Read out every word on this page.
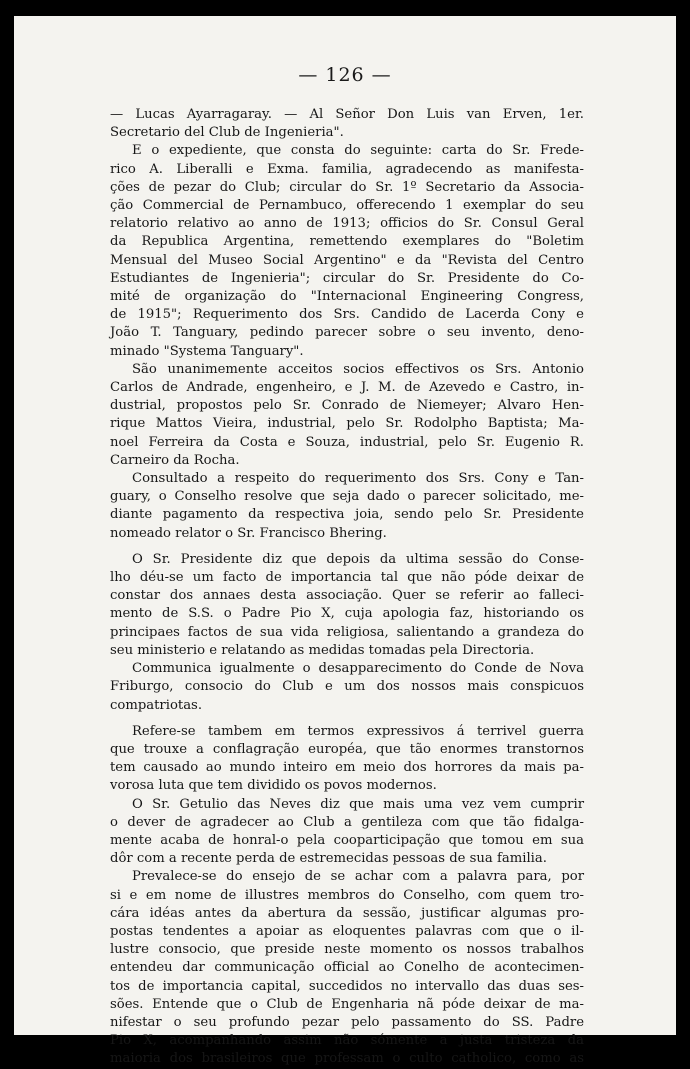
— 126 —

— Lucas Ayarragaray. — Al Señor Don Luis van Erven, 1er.
Secretario del Club de Ingenieria".

E o expediente, que consta do seguinte: carta do Sr. Frede-
rico A. Liberalli e Exma. familia, agradecendo as manifesta-
ções de pezar do Club; circular do Sr. 1º Secretario da Associa-
ção Commercial de Pernambuco, offerecendo 1 exemplar do seu
relatorio relativo ao anno de 1913; officios do Sr. Consul Geral
da Republica Argentina, remettendo exemplares do "Boletim
Mensual del Museo Social Argentino" e da "Revista del Centro
Estudiantes de Ingenieria"; circular do Sr. Presidente do Co-
mité de organização do "Internacional Engineering Congress,
de 1915"; Requerimento dos Srs. Candido de Lacerda Cony e
João T. Tanguary, pedindo parecer sobre o seu invento, deno-
minado "Systema Tanguary".

São unanimemente acceitos socios effectivos os Srs. Antonio
Carlos de Andrade, engenheiro, e J. M. de Azevedo e Castro, in-
dustrial, propostos pelo Sr. Conrado de Niemeyer; Alvaro Hen-
rique Mattos Vieira, industrial, pelo Sr. Rodolpho Baptista; Ma-
noel Ferreira da Costa e Souza, industrial, pelo Sr. Eugenio R.
Carneiro da Rocha.

Consultado a respeito do requerimento dos Srs. Cony e Tan-
guary, o Conselho resolve que seja dado o parecer solicitado, me-
diante pagamento da respectiva joia, sendo pelo Sr. Presidente
nomeado relator o Sr. Francisco Bhering.

O Sr. Presidente diz que depois da ultima sessão do Conse-
lho déu-se um facto de importancia tal que não póde deixar de
constar dos annaes desta associação. Quer se referir ao falleci-
mento de S.S. o Padre Pio X, cuja apologia faz, historiando os
principaes factos de sua vida religiosa, salientando a grandeza do
seu ministerio e relatando as medidas tomadas pela Directoria.

Communica igualmente o desapparecimento do Conde de Nova
Friburgo, consocio do Club e um dos nossos mais conspicuos
compatriotas.

Refere-se tambem em termos expressivos á terrivel guerra
que trouxe a conflagração européa, que tão enormes transtornos
tem causado ao mundo inteiro em meio dos horrores da mais pa-
vorosa luta que tem dividido os povos modernos.

O Sr. Getulio das Neves diz que mais uma vez vem cumprir
o dever de agradecer ao Club a gentileza com que tão fidalga-
mente acaba de honral-o pela cooparticipação que tomou em sua
dôr com a recente perda de estremecidas pessoas de sua familia.

Prevalece-se do ensejo de se achar com a palavra para, por
si e em nome de illustres membros do Conselho, com quem tro-
cára idéas antes da abertura da sessão, justificar algumas pro-
postas tendentes a apoiar as eloquentes palavras com que o il-
lustre consocio, que preside neste momento os nossos trabalhos
entendeu dar communicação official ao Conelho de acontecimen-
tos de importancia capital, succedidos no intervallo das duas ses-
sões. Entende que o Club de Engenharia nã póde deixar de ma-
nifestar o seu profundo pezar pelo passamento do SS. Padre
Pio X, acompanhando assim não sómente a justa tristeza da
maioria dos brasileiros que professam o culto catholico, como as
